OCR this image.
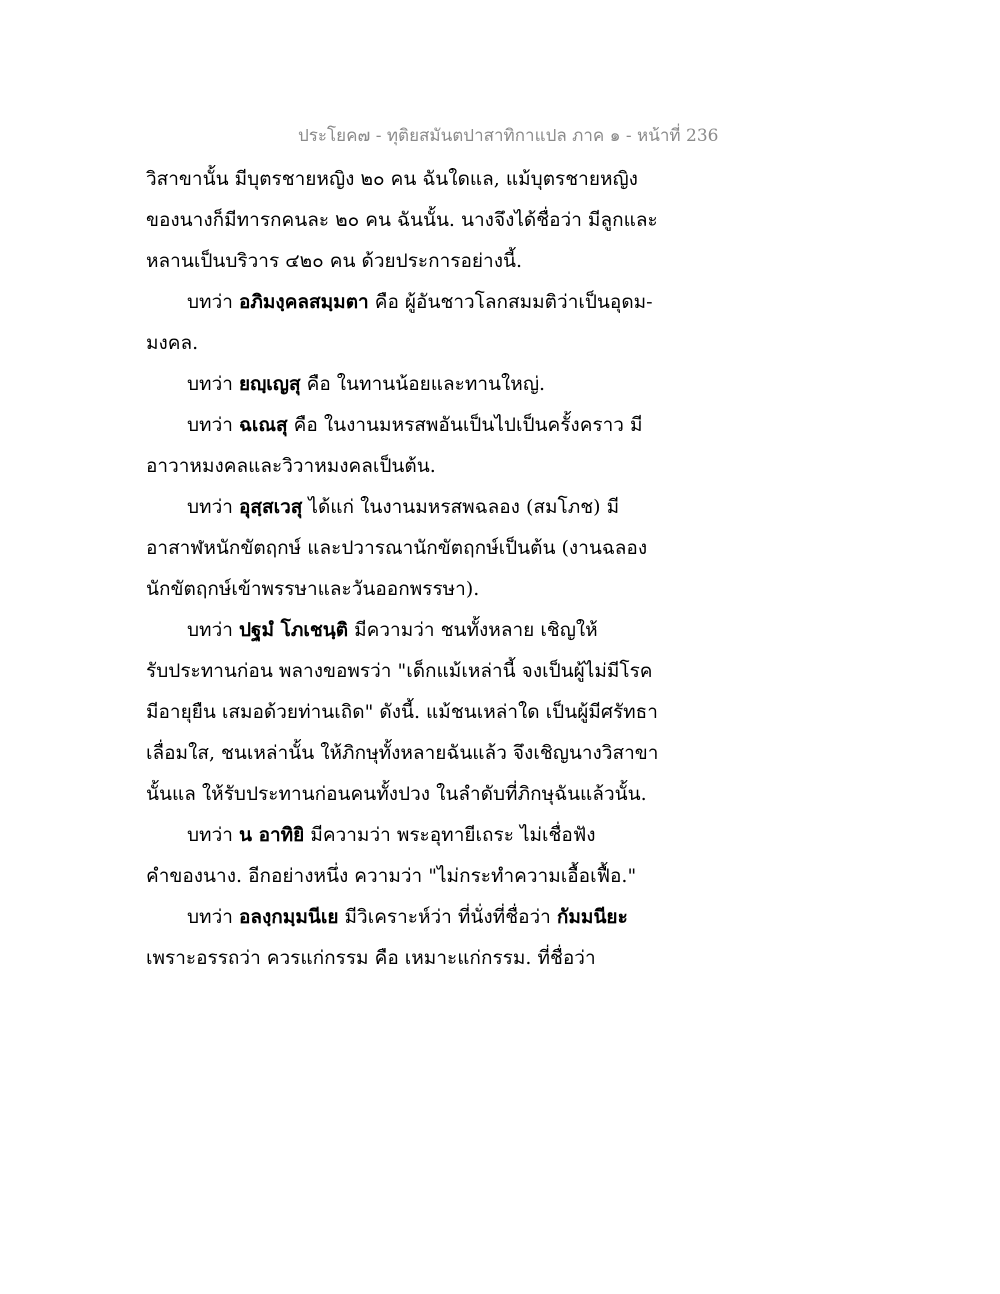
ประโยค๗ - ทุติยสมันตปาสาทิกาแปล ภาค ๑ - หน้าที่ 236
วิสาขานั้น มีบุตรชายหญิง ๒๐ คน ฉันใดแล, แม้บุตรชายหญิง
ของนางก็มีทารกคนละ ๒๐ คน ฉันนั้น. นางจึงได้ชื่อว่า มีลูกและ
หลานเป็นบริวาร ๔๒๐ คน ด้วยประการอย่างนี้.
บทว่า อภิมงฺคลสมฺมตา คือ ผู้อันชาวโลกสมมติว่าเป็นอุดม-
มงคล.
บทว่า ยญฺเญสุ คือ ในทานน้อยและทานใหญ่.
บทว่า ฉเณสุ คือ ในงานมหรสพอันเป็นไปเป็นครั้งคราว มี
อาวาหมงคลและวิวาหมงคลเป็นต้น.
บทว่า อุสฺสเวสุ ได้แก่ ในงานมหรสพฉลอง (สมโภช) มี
อาสาฬหนักขัตฤกษ์ และปวารณานักขัตฤกษ์เป็นต้น (งานฉลอง
นักขัตฤกษ์เข้าพรรษาและวันออกพรรษา).
บทว่า ปฐมํ โภเชนฺติ มีความว่า ชนทั้งหลาย เชิญให้
รับประทานก่อน พลางขอพรว่า "เด็กแม้เหล่านี้ จงเป็นผู้ไม่มีโรค
มีอายุยืน เสมอด้วยท่านเถิด" ดังนี้. แม้ชนเหล่าใด เป็นผู้มีศรัทธา
เลื่อมใส, ชนเหล่านั้น ให้ภิกษุทั้งหลายฉันแล้ว จึงเชิญนางวิสาขา
นั้นแล ให้รับประทานก่อนคนทั้งปวง ในลำดับที่ภิกษุฉันแล้วนั้น.
บทว่า น อาทิยิ มีความว่า พระอุทายีเถระ ไม่เชื่อฟัง
คำของนาง. อีกอย่างหนึ่ง ความว่า "ไม่กระทำความเอื้อเฟื้อ."
บทว่า อลงฺกมฺมนีเย มีวิเคราะห์ว่า ที่นั่งที่ชื่อว่า กัมมนียะ
เพราะอรรถว่า ควรแก่กรรม คือ เหมาะแก่กรรม. ที่ชื่อว่า
